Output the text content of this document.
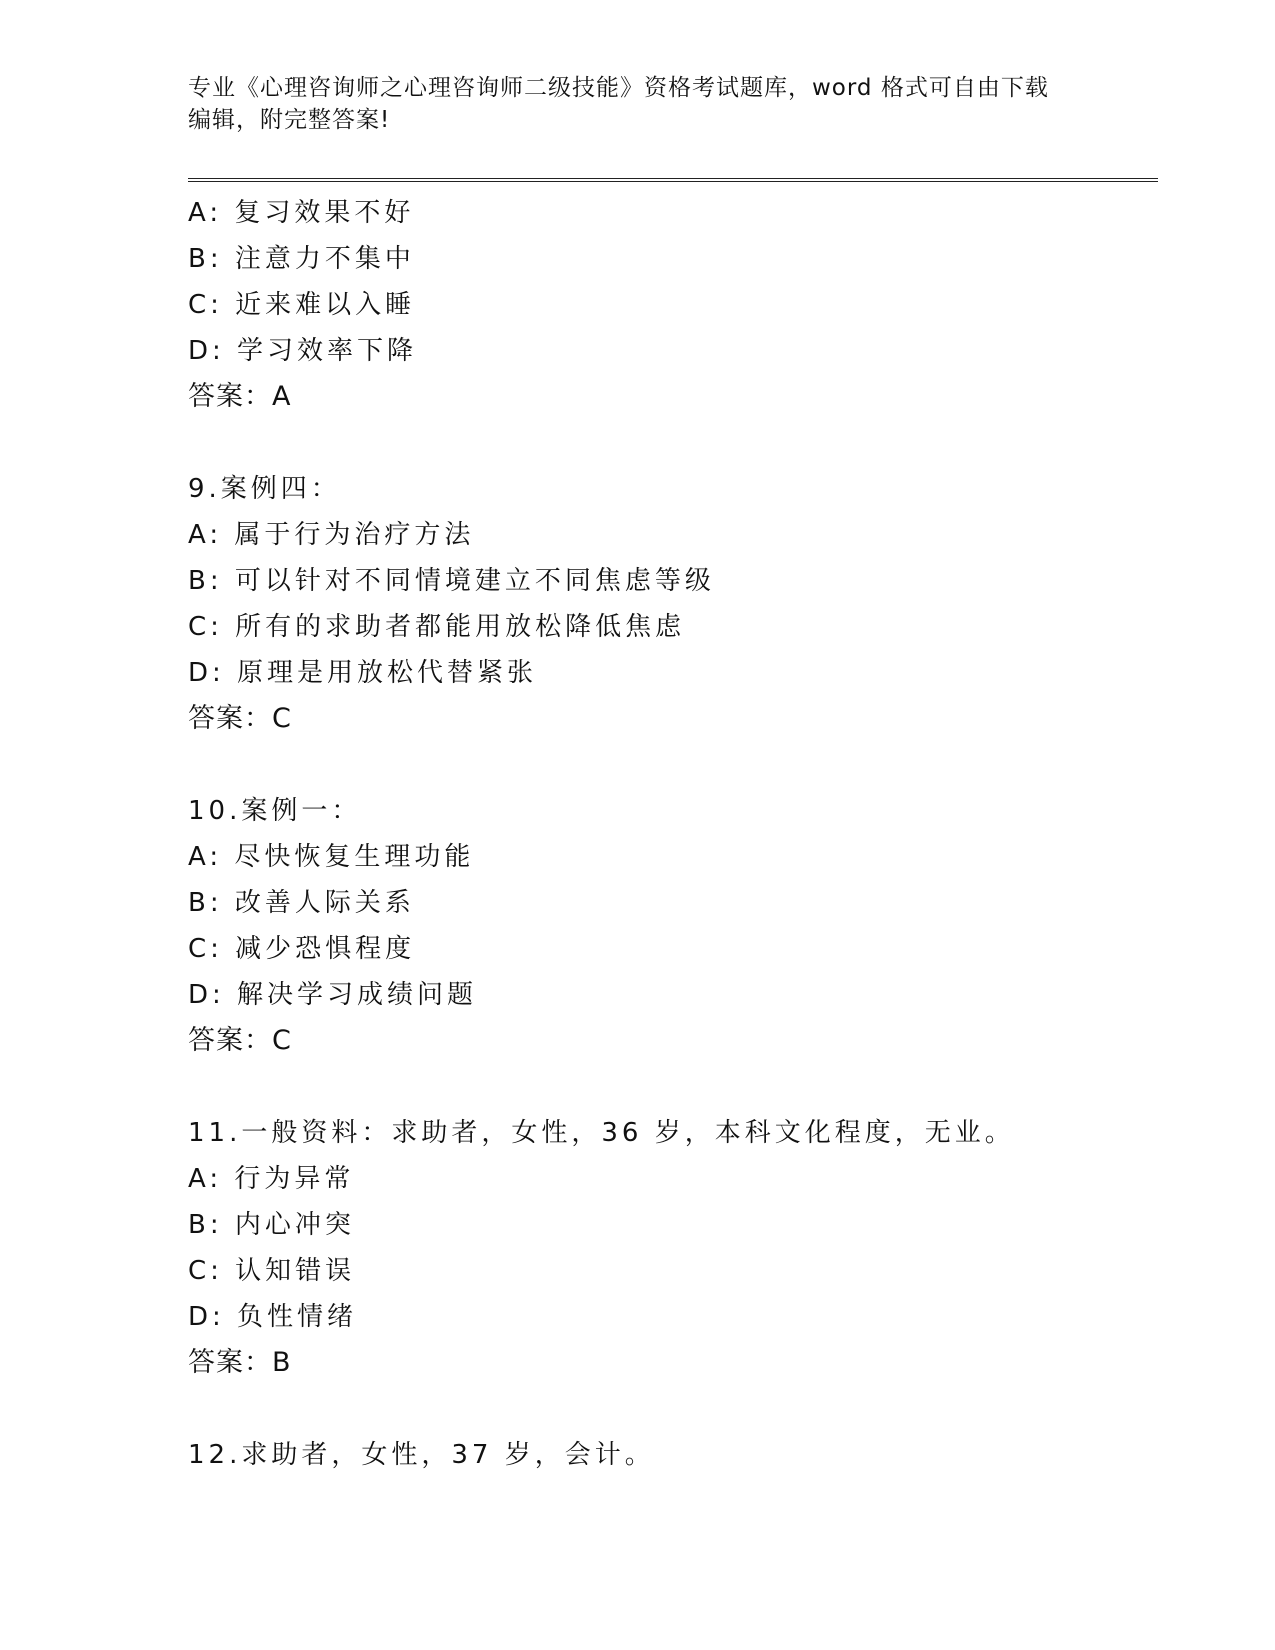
专业《心理咨询师之心理咨询师二级技能》资格考试题库，word 格式可自由下载
编辑，附完整答案!
A: 复习效果不好
B: 注意力不集中
C: 近来难以入睡
D: 学习效率下降
答案：A
9.案例四：
A: 属于行为治疗方法
B: 可以针对不同情境建立不同焦虑等级
C: 所有的求助者都能用放松降低焦虑
D: 原理是用放松代替紧张
答案：C
10.案例一：
A: 尽快恢复生理功能
B: 改善人际关系
C: 减少恐惧程度
D: 解决学习成绩问题
答案：C
11.一般资料：求助者，女性，36 岁，本科文化程度，无业。
A: 行为异常
B: 内心冲突
C: 认知错误
D: 负性情绪
答案：B
12.求助者，女性，37 岁，会计。
